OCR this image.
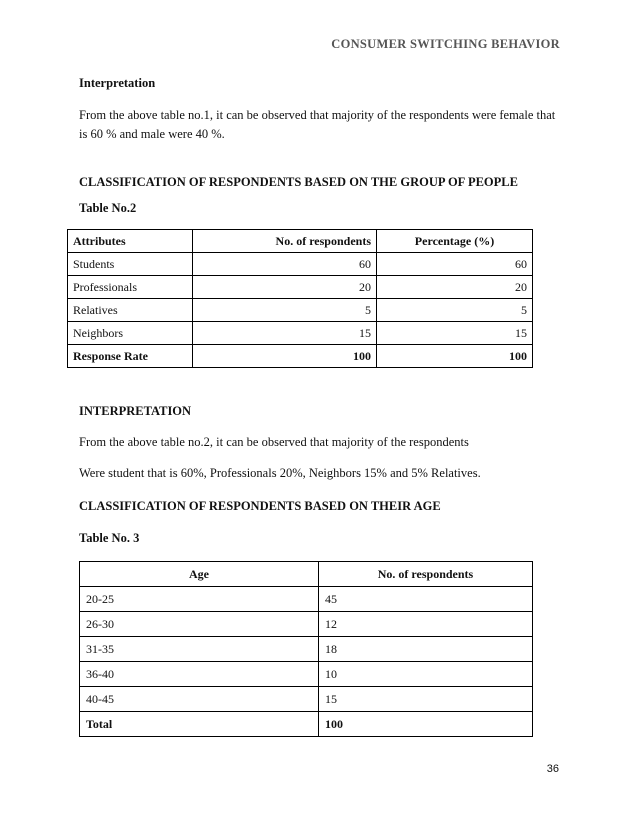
CONSUMER SWITCHING BEHAVIOR
Interpretation
From the above table no.1, it can be observed that majority of the respondents were female that
is 60 % and male were 40 %.
CLASSIFICATION OF RESPONDENTS BASED ON THE GROUP OF PEOPLE
Table No.2
Attributes	No. of respondents	Percentage (%)
Students	60	60
Professionals	20	20
Relatives	5	5
Neighbors	15	15
Response Rate	100	100
INTERPRETATION
From the above table no.2, it can be observed that majority of the respondents
Were student that is 60%, Professionals 20%, Neighbors 15% and 5% Relatives.
CLASSIFICATION OF RESPONDENTS BASED ON THEIR AGE
Table No. 3
Age	No. of respondents
20-25	45
26-30	12
31-35	18
36-40	10
40-45	15
Total	100
36
